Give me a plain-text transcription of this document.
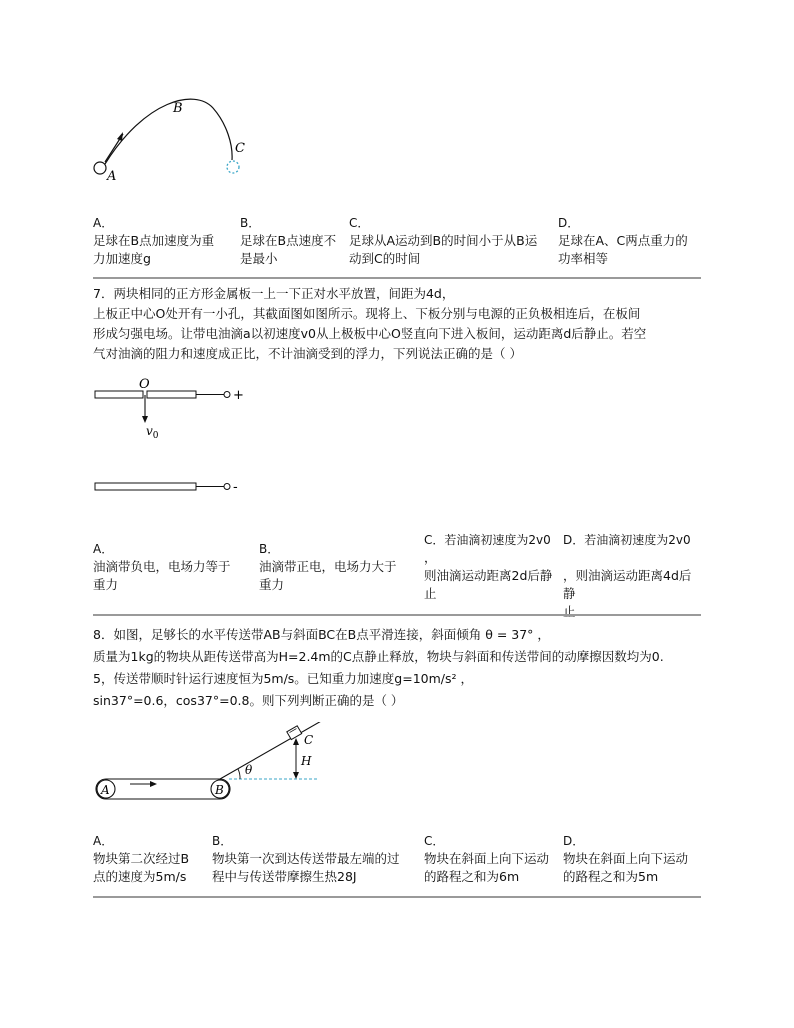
A
B
C

A．
足球在B点加速度为重
力加速度g

B．
足球在B点速度不
是最小

C．
足球从A运动到B的时间小于从B运
动到C的时间

D．
足球在A、C两点重力的
功率相等

7．两块相同的正方形金属板一上一下正对水平放置，间距为4d，

上板正中心O处开有一小孔，其截面图如图所示。现将上、下板分别与电源的正负极相连后，在板间

形成匀强电场。让带电油滴a以初速度v0从上极板中心O竖直向下进入板间，运动距离d后静止。若空

气对油滴的阻力和速度成正比，不计油滴受到的浮力，下列说法正确的是（ ）

+
O
$v_0$
-

A．
油滴带负电，电场力等于
重力

B．
油滴带正电，电场力大于
重力

C．若油滴初速度为2v0
，
则油滴运动距离2d后静
止

D．若油滴初速度为2v0

，则油滴运动距离4d后静
止

8．如图，足够长的水平传送带AB与斜面BC在B点平滑连接，斜面倾角 θ = 37° ，

质量为1kg的物块从距传送带高为H=2.4m的C点静止释放，物块与斜面和传送带间的动摩擦因数均为0.

5，传送带顺时针运行速度恒为5m/s。已知重力加速度g=10m/s² ，

sin37°=0.6，cos37°=0.8。则下列判断正确的是（ ）

A	B
θ
C
H

A．
物块第二次经过B
点的速度为5m/s

B．
物块第一次到达传送带最左端的过
程中与传送带摩擦生热28J

C．
物块在斜面上向下运动
的路程之和为6m

D．
物块在斜面上向下运动
的路程之和为5m
